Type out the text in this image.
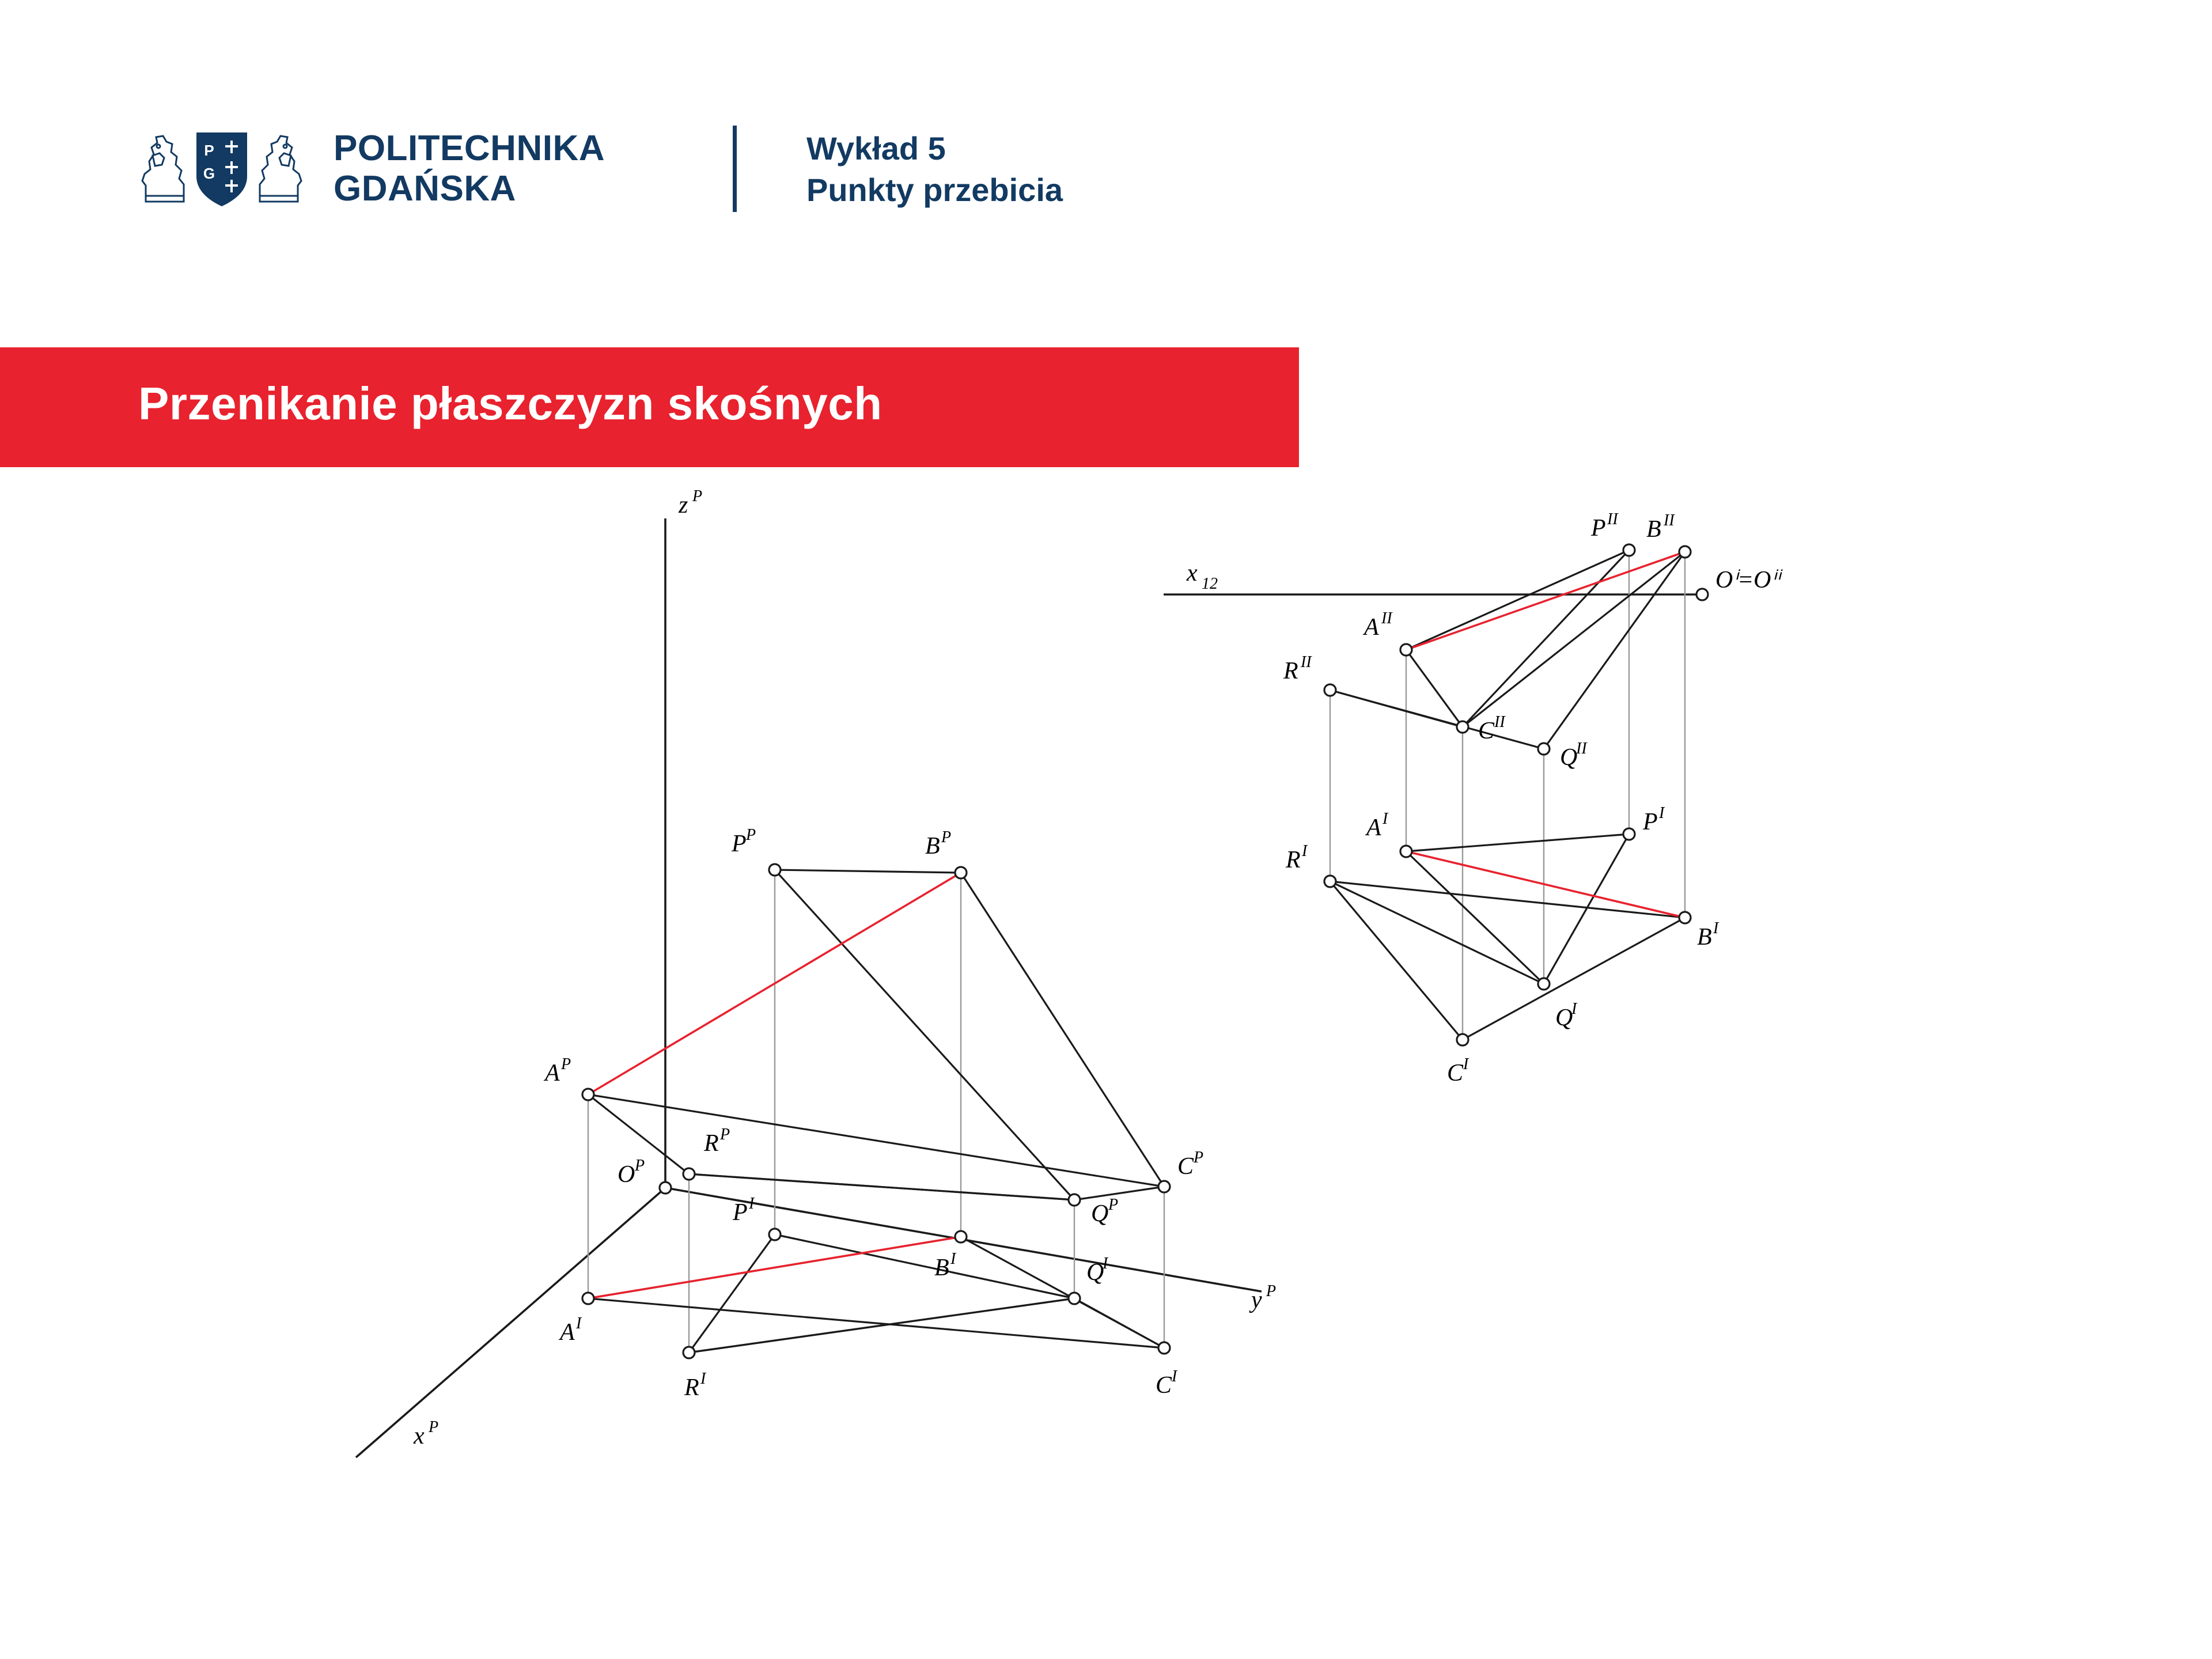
P
G
POLITECHNIKA
GDAŃSKA
Wykład 5
Punkty przebicia
Przenikanie płaszczyzn skośnych
z P
y P
x P
P P	B P
A P
O P
R P
Q P
C P
P I
B I
A I
Q
I
R I	C I
x 12	Oⁱ=Oⁱⁱ
P II B II
A II
R II
C II
Q
II
A I	P I
R I
B I
Q
I
C I
